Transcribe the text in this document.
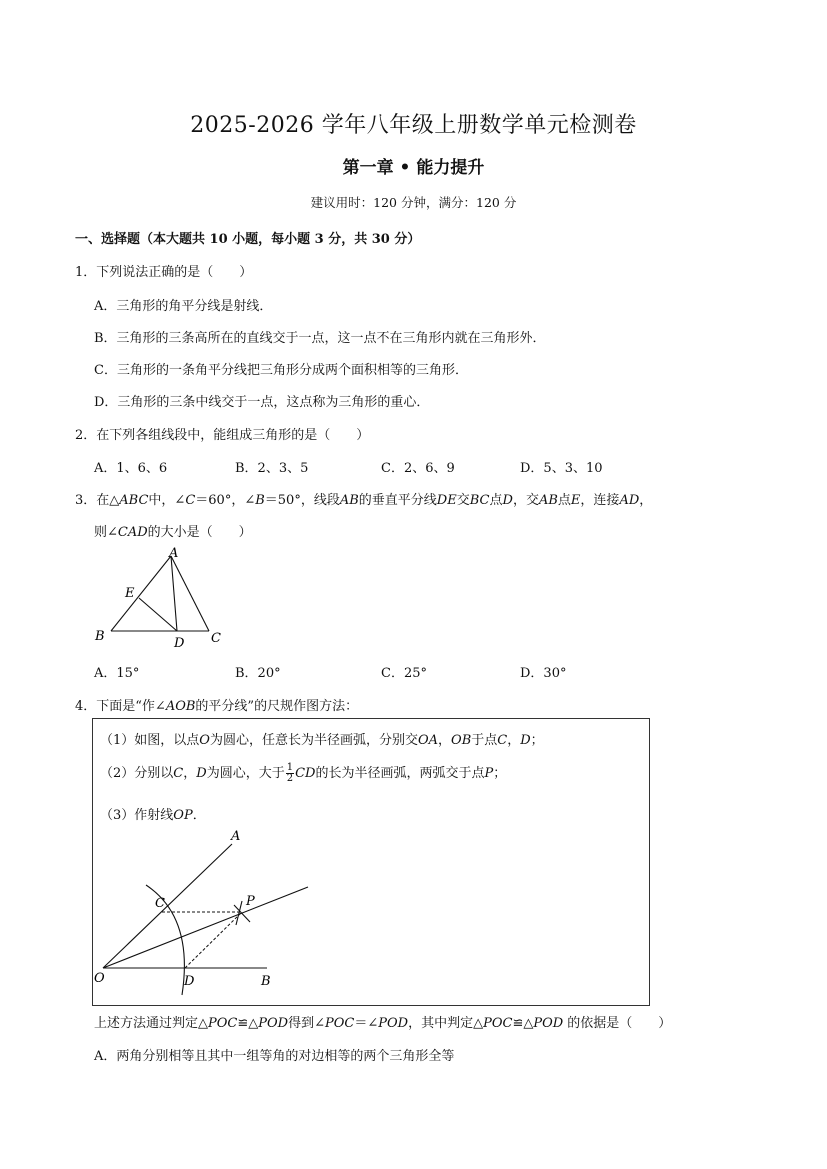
2025-2026 学年八年级上册数学单元检测卷
第一章 • 能力提升
建议用时：120 分钟，满分：120 分
一、选择题（本大题共 10 小题，每小题 3 分，共 30 分）
1．下列说法正确的是（　　）
A．三角形的角平分线是射线．
B．三角形的三条高所在的直线交于一点，这一点不在三角形内就在三角形外．
C．三角形的一条角平分线把三角形分成两个面积相等的三角形．
D．三角形的三条中线交于一点，这点称为三角形的重心．
2．在下列各组线段中，能组成三角形的是（　　）
A．1、6、6	B．2、3、5	C．2、6、9	D．5、3、10
3．在△ABC中，∠C＝60°，∠B＝50°，线段AB的垂直平分线DE交BC点D，交AB点E，连接AD，
则∠CAD的大小是（　　）
A
E
B	D C
A．15°	B．20°	C．25°	D．30°
4．下面是“作∠AOB的平分线”的尺规作图方法：
（1）如图，以点O为圆心，任意长为半径画弧，分别交OA，OB于点C，D；
（2）分别以C，D为圆心，大于 $\frac{1}{2}$ CD的长为半径画弧，两弧交于点P；
（3）作射线OP．
A
C	P
O	D	B
上述方法通过判定△POC≌△POD得到∠POC＝∠POD，其中判定△POC≌△POD 的依据是（　　）
A．两角分别相等且其中一组等角的对边相等的两个三角形全等
